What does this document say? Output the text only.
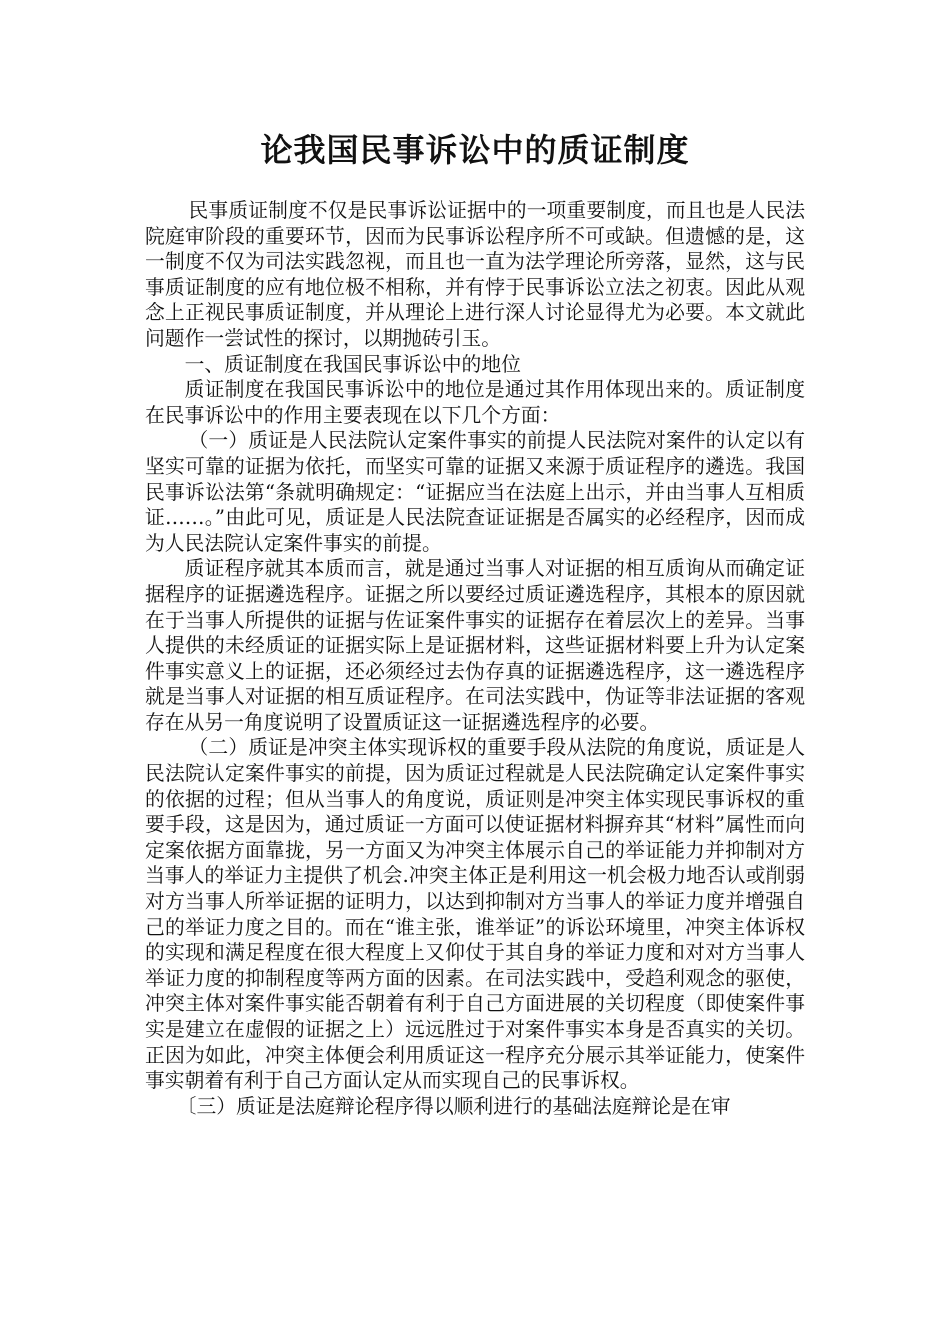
论我国民事诉讼中的质证制度

民事质证制度不仅是民事诉讼证据中的一项重要制度，而且也是人民法院庭审阶段的重要环节，因而为民事诉讼程序所不可或缺。但遗憾的是，这一制度不仅为司法实践忽视，而且也一直为法学理论所旁落，显然，这与民事质证制度的应有地位极不相称，并有悖于民事诉讼立法之初衷。因此从观念上正视民事质证制度，并从理论上进行深人讨论显得尤为必要。本文就此问题作一尝试性的探讨，以期抛砖引玉。

一、质证制度在我国民事诉讼中的地位

质证制度在我国民事诉讼中的地位是通过其作用体现出来的。质证制度在民事诉讼中的作用主要表现在以下几个方面：

（一）质证是人民法院认定案件事实的前提人民法院对案件的认定以有坚实可靠的证据为依托，而坚实可靠的证据又来源于质证程序的遴选。我国民事诉讼法第“条就明确规定：“证据应当在法庭上出示，并由当事人互相质证……。”由此可见，质证是人民法院查证证据是否属实的必经程序，因而成为人民法院认定案件事实的前提。

质证程序就其本质而言，就是通过当事人对证据的相互质询从而确定证据程序的证据遴选程序。证据之所以要经过质证遴选程序，其根本的原因就在于当事人所提供的证据与佐证案件事实的证据存在着层次上的差异。当事人提供的未经质证的证据实际上是证据材料，这些证据材料要上升为认定案件事实意义上的证据，还必须经过去伪存真的证据遴选程序，这一遴选程序就是当事人对证据的相互质证程序。在司法实践中，伪证等非法证据的客观存在从另一角度说明了设置质证这一证据遴选程序的必要。

（二）质证是冲突主体实现诉权的重要手段从法院的角度说，质证是人民法院认定案件事实的前提，因为质证过程就是人民法院确定认定案件事实的依据的过程；但从当事人的角度说，质证则是冲突主体实现民事诉权的重要手段，这是因为，通过质证一方面可以使证据材料摒弃其“材料”属性而向定案依据方面靠拢，另一方面又为冲突主体展示自己的举证能力并抑制对方当事人的举证力主提供了机会.冲突主体正是利用这一机会极力地否认或削弱对方当事人所举证据的证明力，以达到抑制对方当事人的举证力度并增强自己的举证力度之目的。而在“谁主张，谁举证”的诉讼环境里，冲突主体诉权的实现和满足程度在很大程度上又仰仗于其自身的举证力度和对对方当事人举证力度的抑制程度等两方面的因素。在司法实践中，受趋利观念的驱使，冲突主体对案件事实能否朝着有利于自己方面进展的关切程度（即使案件事实是建立在虚假的证据之上）远远胜过于对案件事实本身是否真实的关切。正因为如此，冲突主体便会利用质证这一程序充分展示其举证能力，使案件事实朝着有利于自己方面认定从而实现自己的民事诉权。

〔三）质证是法庭辩论程序得以顺利进行的基础法庭辩论是在审
